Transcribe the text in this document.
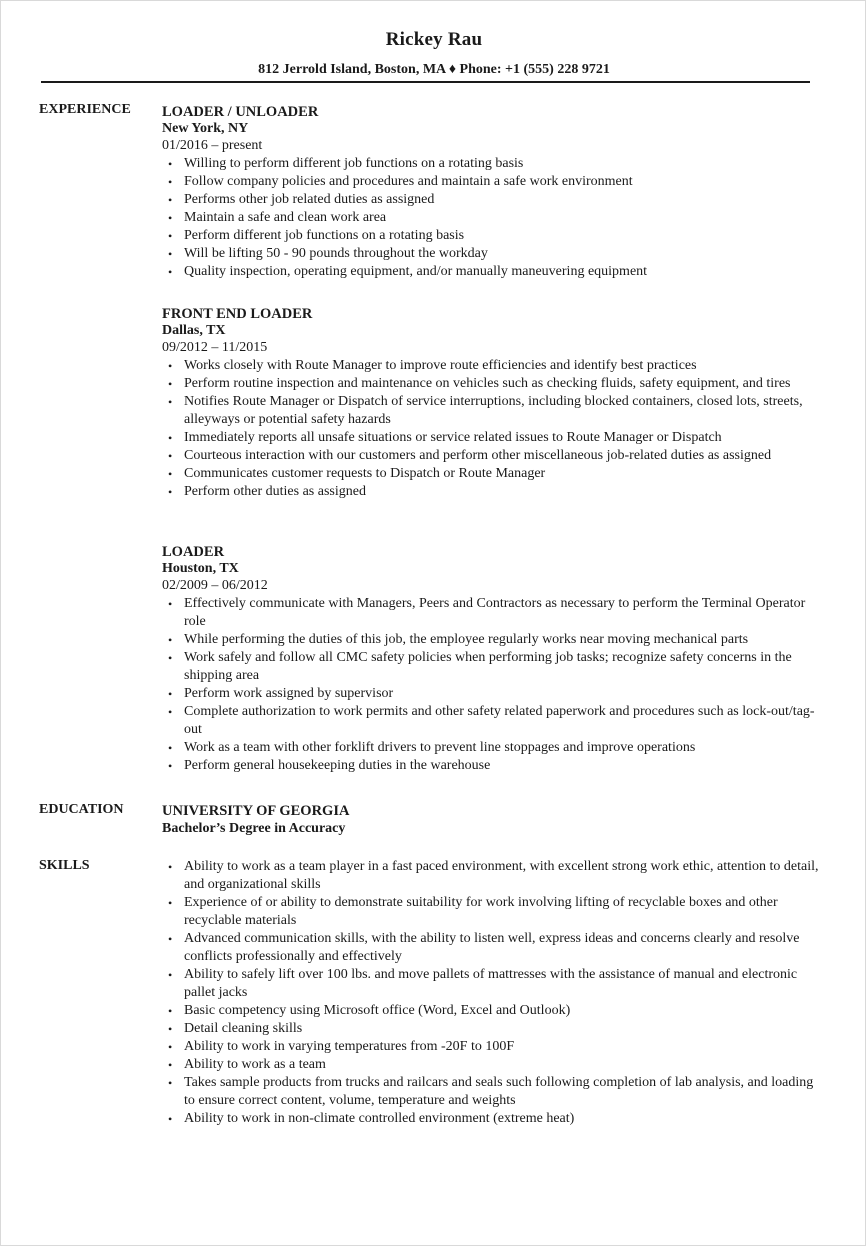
Rickey Rau
812 Jerrold Island, Boston, MA ♦ Phone: +1 (555) 228 9721
EXPERIENCE LOADER / UNLOADER
New York, NY
01/2016 – present
• Willing to perform different job functions on a rotating basis
• Follow company policies and procedures and maintain a safe work environment
• Performs other job related duties as assigned
• Maintain a safe and clean work area
• Perform different job functions on a rotating basis
• Will be lifting 50 - 90 pounds throughout the workday
• Quality inspection, operating equipment, and/or manually maneuvering equipment
FRONT END LOADER
Dallas, TX
09/2012 – 11/2015
• Works closely with Route Manager to improve route efficiencies and identify best practices
• Perform routine inspection and maintenance on vehicles such as checking fluids, safety equipment, and tires
• Notifies Route Manager or Dispatch of service interruptions, including blocked containers, closed lots, streets, alleyways or potential safety hazards
• Immediately reports all unsafe situations or service related issues to Route Manager or Dispatch
• Courteous interaction with our customers and perform other miscellaneous job-related duties as assigned
• Communicates customer requests to Dispatch or Route Manager
• Perform other duties as assigned
LOADER
Houston, TX
02/2009 – 06/2012
• Effectively communicate with Managers, Peers and Contractors as necessary to perform the Terminal Operator role
• While performing the duties of this job, the employee regularly works near moving mechanical parts
• Work safely and follow all CMC safety policies when performing job tasks; recognize safety concerns in the shipping area
• Perform work assigned by supervisor
• Complete authorization to work permits and other safety related paperwork and procedures such as lock-out/tag-out
• Work as a team with other forklift drivers to prevent line stoppages and improve operations
• Perform general housekeeping duties in the warehouse
EDUCATION	UNIVERSITY OF GEORGIA
Bachelor’s Degree in Accuracy
SKILLS
•	Ability to work as a team player in a fast paced environment, with excellent strong work ethic, attention to detail, and organizational skills
• Experience of or ability to demonstrate suitability for work involving lifting of recyclable boxes and other recyclable materials
• Advanced communication skills, with the ability to listen well, express ideas and concerns clearly and resolve conflicts professionally and effectively
• Ability to safely lift over 100 lbs. and move pallets of mattresses with the assistance of manual and electronic pallet jacks
• Basic competency using Microsoft office (Word, Excel and Outlook)
• Detail cleaning skills
• Ability to work in varying temperatures from -20F to 100F
• Ability to work as a team
• Takes sample products from trucks and railcars and seals such following completion of lab analysis, and loading to ensure correct content, volume, temperature and weights
• Ability to work in non-climate controlled environment (extreme heat)
